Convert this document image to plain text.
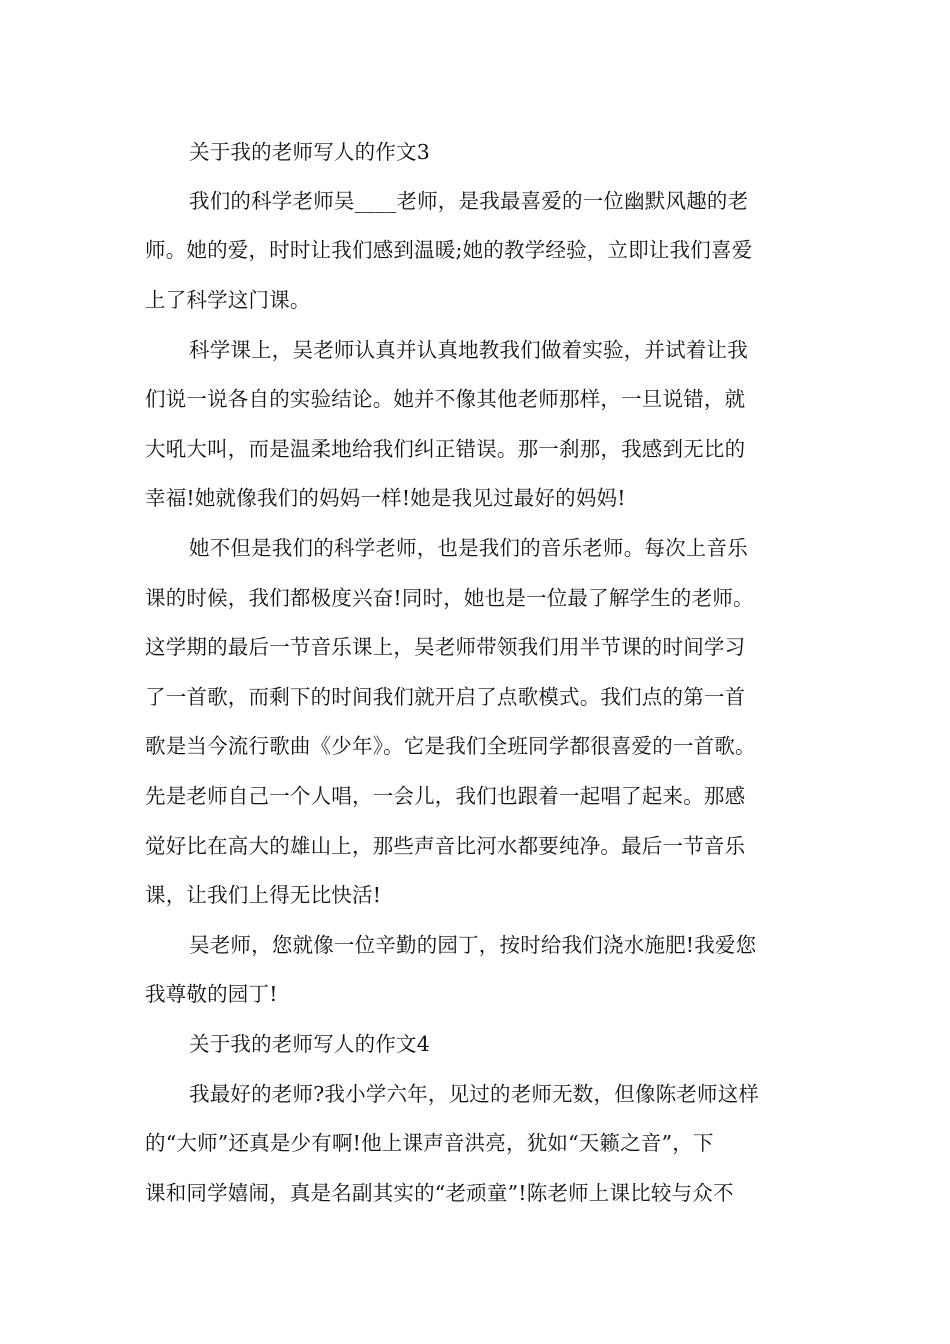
关于我的老师写人的作文3
我们的科学老师吴____老师，是我最喜爱的一位幽默风趣的老
师。她的爱，时时让我们感到温暖;她的教学经验，立即让我们喜爱
上了科学这门课。
科学课上，吴老师认真并认真地教我们做着实验，并试着让我
们说一说各自的实验结论。她并不像其他老师那样，一旦说错，就
大吼大叫，而是温柔地给我们纠正错误。那一刹那，我感到无比的
幸福!她就像我们的妈妈一样!她是我见过最好的妈妈!
她不但是我们的科学老师，也是我们的音乐老师。每次上音乐
课的时候，我们都极度兴奋!同时，她也是一位最了解学生的老师。
这学期的最后一节音乐课上，吴老师带领我们用半节课的时间学习
了一首歌，而剩下的时间我们就开启了点歌模式。我们点的第一首
歌是当今流行歌曲《少年》。它是我们全班同学都很喜爱的一首歌。
先是老师自己一个人唱，一会儿，我们也跟着一起唱了起来。那感
觉好比在高大的雄山上，那些声音比河水都要纯净。最后一节音乐
课，让我们上得无比快活!
吴老师，您就像一位辛勤的园丁，按时给我们浇水施肥!我爱您
我尊敬的园丁!
关于我的老师写人的作文4
我最好的老师?我小学六年，见过的老师无数，但像陈老师这样
的“大师”还真是少有啊!他上课声音洪亮，犹如“天籁之音”，下
课和同学嬉闹，真是名副其实的“老顽童”!陈老师上课比较与众不
